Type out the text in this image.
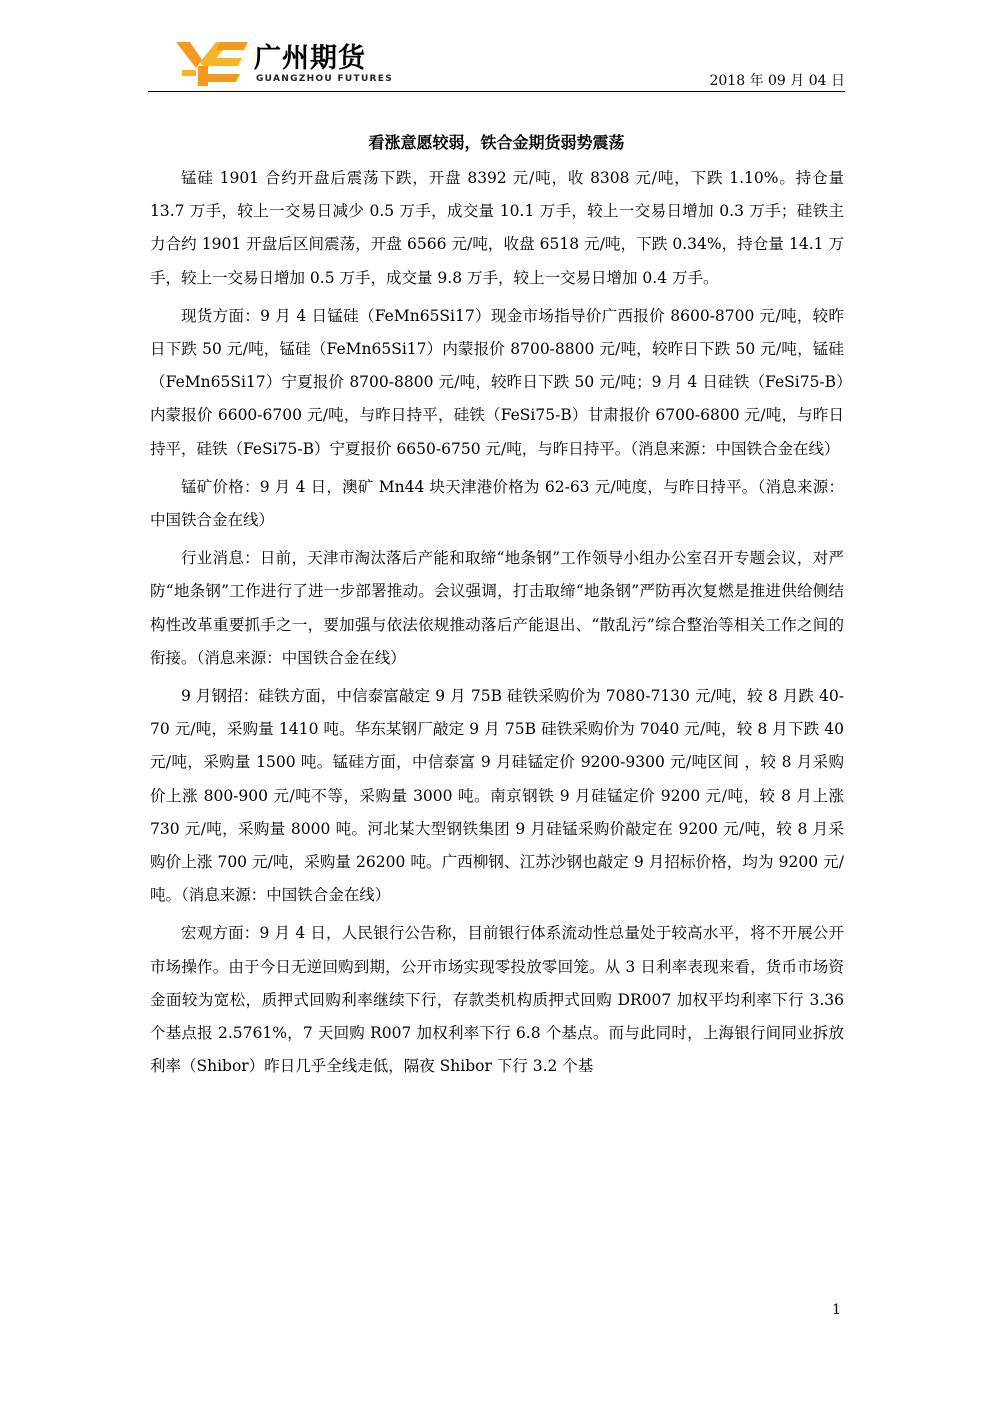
广州期货
GUANGZHOU FUTURES	2018 年 09 月 04 日
看涨意愿较弱，铁合金期货弱势震荡

锰硅 1901 合约开盘后震荡下跌，开盘 8392 元/吨，收 8308 元/吨，下跌 1.10%。持仓量 13.7 万手，较上一交易日减少 0.5 万手，成交量 10.1 万手，较上一交易日增加 0.3 万手；硅铁主力合约 1901 开盘后区间震荡，开盘 6566 元/吨，收盘 6518 元/吨，下跌 0.34%，持仓量 14.1 万手，较上一交易日增加 0.5 万手，成交量 9.8 万手，较上一交易日增加 0.4 万手。

现货方面：9 月 4 日锰硅（FeMn65Si17）现金市场指导价广西报价 8600-8700 元/吨，较昨日下跌 50 元/吨，锰硅（FeMn65Si17）内蒙报价 8700-8800 元/吨，较昨日下跌 50 元/吨，锰硅（FeMn65Si17）宁夏报价 8700-8800 元/吨，较昨日下跌 50 元/吨；9 月 4 日硅铁（FeSi75-B）内蒙报价 6600-6700 元/吨，与昨日持平，硅铁（FeSi75-B）甘肃报价 6700-6800 元/吨，与昨日持平，硅铁（FeSi75-B）宁夏报价 6650-6750 元/吨，与昨日持平。（消息来源：中国铁合金在线）

锰矿价格：9 月 4 日，澳矿 Mn44 块天津港价格为 62-63 元/吨度，与昨日持平。（消息来源：中国铁合金在线）

行业消息：日前，天津市淘汰落后产能和取缔“地条钢”工作领导小组办公室召开专题会议，对严防“地条钢”工作进行了进一步部署推动。会议强调，打击取缔“地条钢”严防再次复燃是推进供给侧结构性改革重要抓手之一，要加强与依法依规推动落后产能退出、“散乱污”综合整治等相关工作之间的衔接。（消息来源：中国铁合金在线）

9 月钢招：硅铁方面，中信泰富敲定 9 月 75B 硅铁采购价为 7080-7130 元/吨，较 8 月跌 40-70 元/吨，采购量 1410 吨。华东某钢厂敲定 9 月 75B 硅铁采购价为 7040 元/吨，较 8 月下跌 40 元/吨，采购量 1500 吨。锰硅方面，中信泰富 9 月硅锰定价 9200-9300 元/吨区间 ，较 8 月采购价上涨 800-900 元/吨不等，采购量 3000 吨。南京钢铁 9 月硅锰定价 9200 元/吨，较 8 月上涨 730 元/吨，采购量 8000 吨。河北某大型钢铁集团 9 月硅锰采购价敲定在 9200 元/吨，较 8 月采购价上涨 700 元/吨，采购量 26200 吨。广西柳钢、江苏沙钢也敲定 9 月招标价格，均为 9200 元/吨。（消息来源：中国铁合金在线）

宏观方面：9 月 4 日，人民银行公告称，目前银行体系流动性总量处于较高水平，将不开展公开市场操作。由于今日无逆回购到期，公开市场实现零投放零回笼。从 3 日利率表现来看，货币市场资金面较为宽松，质押式回购利率继续下行，存款类机构质押式回购 DR007 加权平均利率下行 3.36 个基点报 2.5761%，7 天回购 R007 加权利率下行 6.8 个基点。而与此同时，上海银行间同业拆放利率（Shibor）昨日几乎全线走低，隔夜 Shibor 下行 3.2 个基

1
